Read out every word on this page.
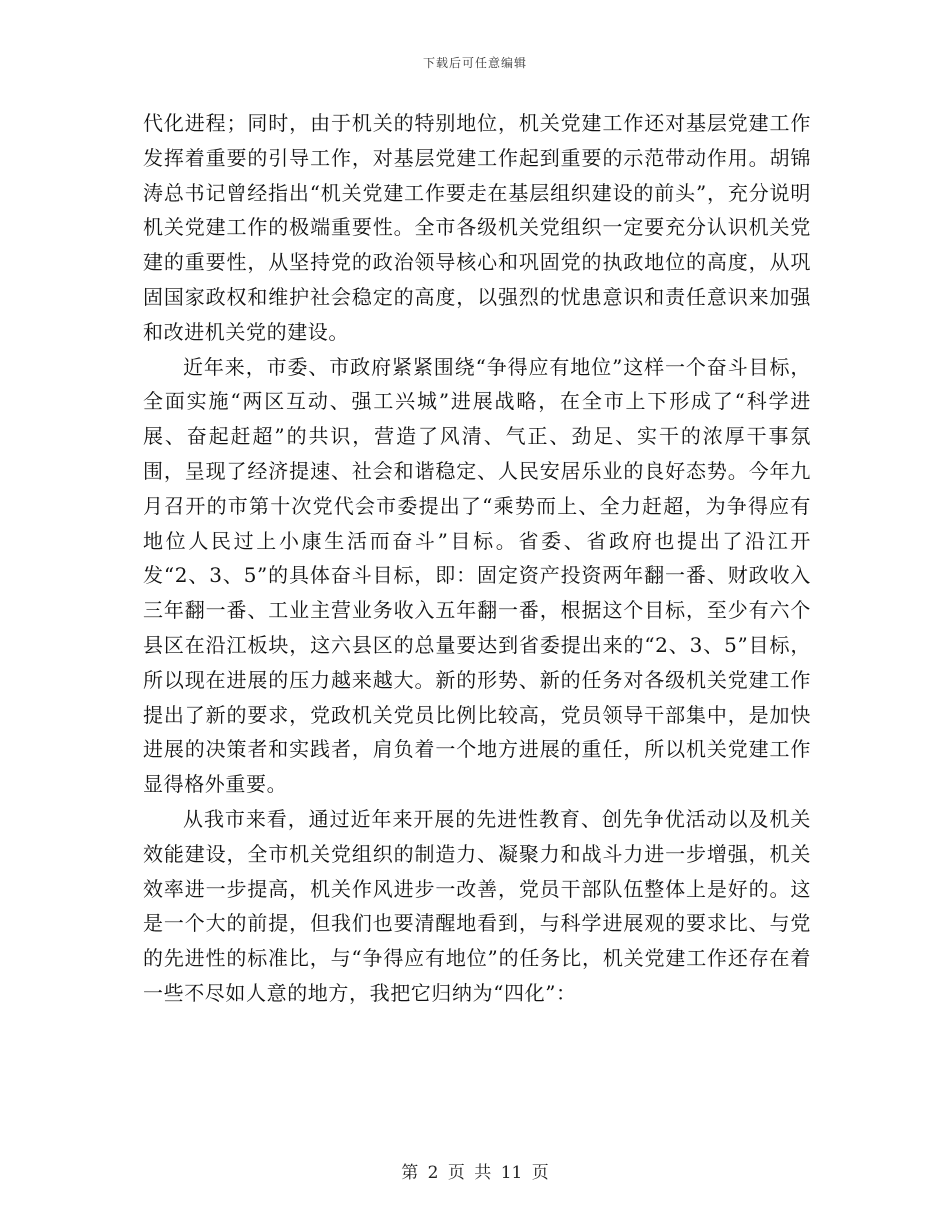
下载后可任意编辑

代化进程；同时，由于机关的特别地位，机关党建工作还对基层党建工作发挥着重要的引导工作，对基层党建工作起到重要的示范带动作用。胡锦涛总书记曾经指出“机关党建工作要走在基层组织建设的前头”，充分说明机关党建工作的极端重要性。全市各级机关党组织一定要充分认识机关党建的重要性，从坚持党的政治领导核心和巩固党的执政地位的高度，从巩固国家政权和维护社会稳定的高度，以强烈的忧患意识和责任意识来加强和改进机关党的建设。

近年来，市委、市政府紧紧围绕“争得应有地位”这样一个奋斗目标，全面实施“两区互动、强工兴城”进展战略，在全市上下形成了“科学进展、奋起赶超”的共识，营造了风清、气正、劲足、实干的浓厚干事氛围，呈现了经济提速、社会和谐稳定、人民安居乐业的良好态势。今年九月召开的市第十次党代会市委提出了“乘势而上、全力赶超，为争得应有地位人民过上小康生活而奋斗”目标。省委、省政府也提出了沿江开发“2、3、5”的具体奋斗目标，即：固定资产投资两年翻一番、财政收入三年翻一番、工业主营业务收入五年翻一番，根据这个目标，至少有六个县区在沿江板块，这六县区的总量要达到省委提出来的“2、3、5”目标，所以现在进展的压力越来越大。新的形势、新的任务对各级机关党建工作提出了新的要求，党政机关党员比例比较高，党员领导干部集中，是加快进展的决策者和实践者，肩负着一个地方进展的重任，所以机关党建工作显得格外重要。

从我市来看，通过近年来开展的先进性教育、创先争优活动以及机关效能建设，全市机关党组织的制造力、凝聚力和战斗力进一步增强，机关效率进一步提高，机关作风进步一改善，党员干部队伍整体上是好的。这是一个大的前提，但我们也要清醒地看到，与科学进展观的要求比、与党的先进性的标准比，与“争得应有地位”的任务比，机关党建工作还存在着一些不尽如人意的地方，我把它归纳为“四化”：

第 2 页 共 11 页
